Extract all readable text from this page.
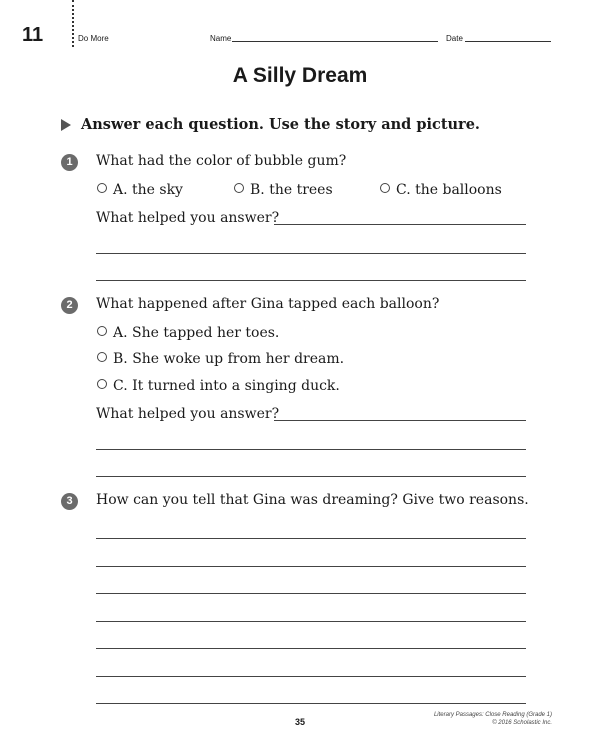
11	Do More	Name	Date
A Silly Dream
Answer each question. Use the story and picture.
1	What had the color of bubble gum?
A. the sky	B. the trees	C. the balloons
What helped you answer?
2	What happened after Gina tapped each balloon?
A. She tapped her toes.
B. She woke up from her dream.
C. It turned into a singing duck.
What helped you answer?
3	How can you tell that Gina was dreaming? Give two reasons.
35
Literary Passages: Close Reading (Grade 1)
© 2016 Scholastic Inc.
